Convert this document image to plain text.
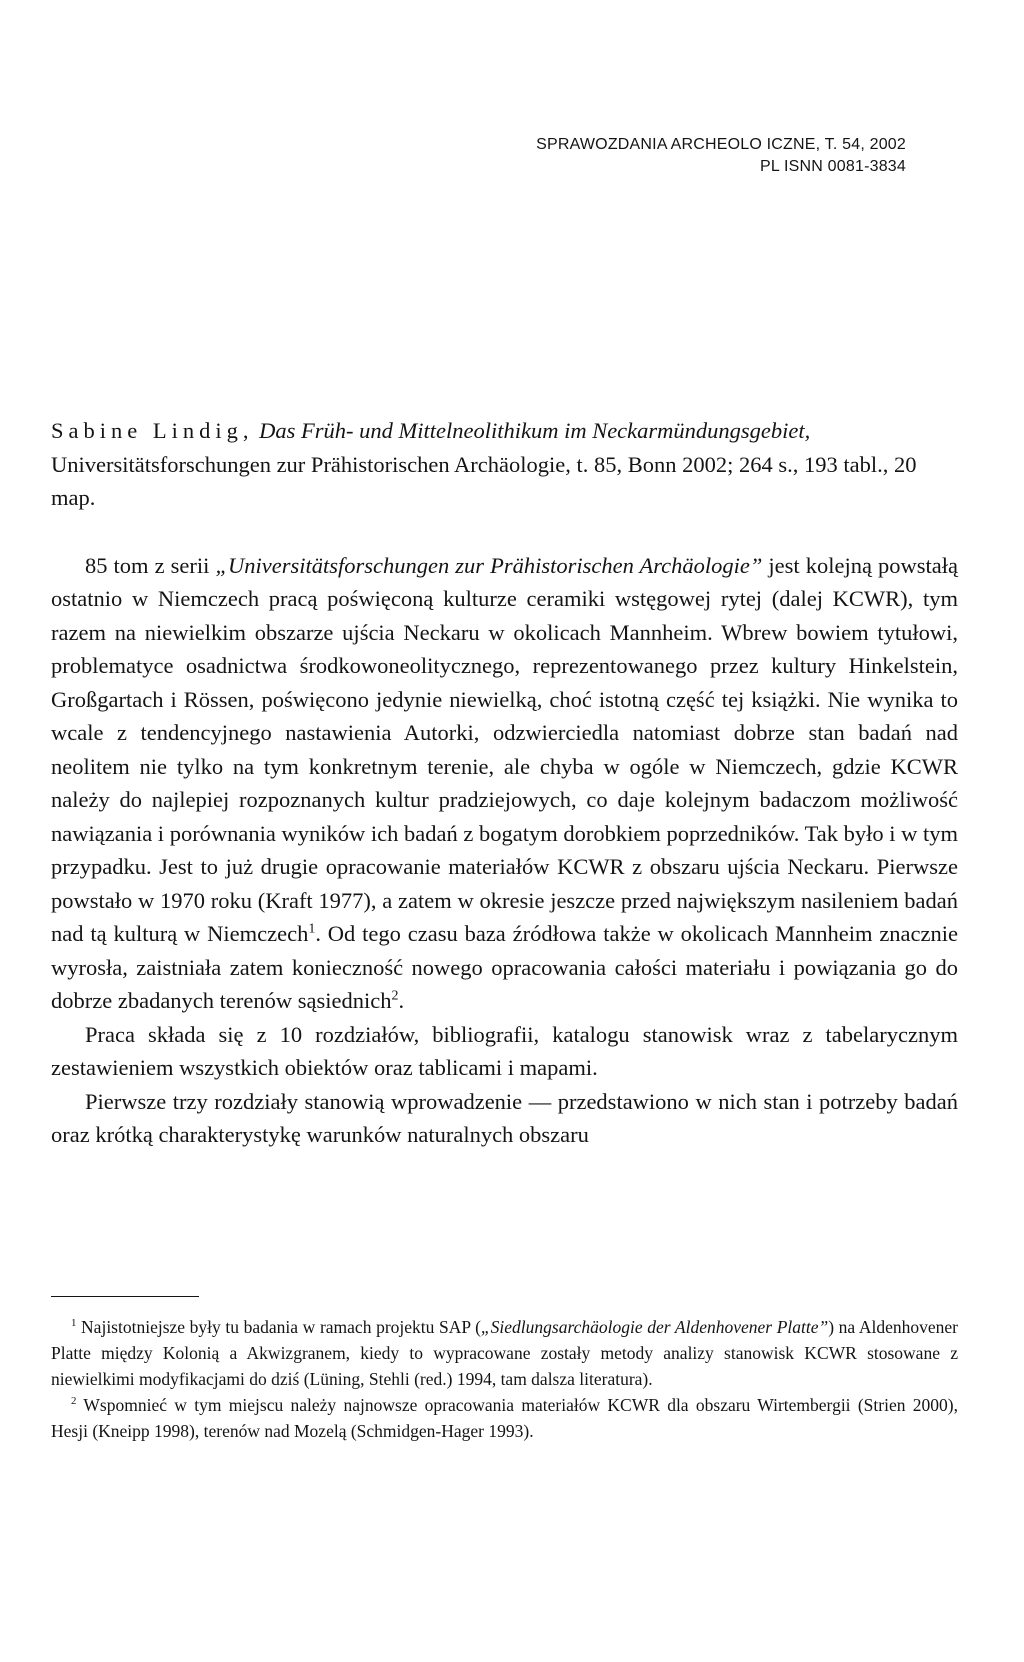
SPRAWOZDANIA ARCHEOLO ICZNE, T. 54, 2002
PL ISNN 0081-3834

Sabine Lindig, Das Früh- und Mittelneolithikum im Neckarmündungsgebiet, Universitätsforschungen zur Prähistorischen Archäologie, t. 85, Bonn 2002; 264 s., 193 tabl., 20 map.

85 tom z serii „Universitätsforschungen zur Prähistorischen Archäologie” jest kolejną powstałą ostatnio w Niemczech pracą poświęconą kulturze ceramiki wstęgowej rytej (dalej KCWR), tym razem na niewielkim obszarze ujścia Neckaru w okolicach Mannheim. Wbrew bowiem tytułowi, problematyce osadnictwa środkowoneolitycznego, reprezentowanego przez kultury Hinkelstein, Großgartach i Rössen, poświęcono jedynie niewielką, choć istotną część tej książki. Nie wynika to wcale z tendencyjnego nastawienia Autorki, odzwierciedla natomiast dobrze stan badań nad neolitem nie tylko na tym konkretnym terenie, ale chyba w ogóle w Niemczech, gdzie KCWR należy do najlepiej rozpoznanych kultur pradziejowych, co daje kolejnym badaczom możliwość nawiązania i porównania wyników ich badań z bogatym dorobkiem poprzedników. Tak było i w tym przypadku. Jest to już drugie opracowanie materiałów KCWR z obszaru ujścia Neckaru. Pierwsze powstało w 1970 roku (Kraft 1977), a zatem w okresie jeszcze przed największym nasileniem badań nad tą kulturą w Niemczech$^1$. Od tego czasu baza źródłowa także w okolicach Mannheim znacznie wyrosła, zaistniała zatem konieczność nowego opracowania całości materiału i powiązania go do dobrze zbadanych terenów sąsiednich$^2$.

Praca składa się z 10 rozdziałów, bibliografii, katalogu stanowisk wraz z tabelarycznym zestawieniem wszystkich obiektów oraz tablicami i mapami.

Pierwsze trzy rozdziały stanowią wprowadzenie — przedstawiono w nich stan i potrzeby badań oraz krótką charakterystykę warunków naturalnych obszaru

$^1$ Najistotniejsze były tu badania w ramach projektu SAP („Siedlungsarchäologie der Aldenhovener Platte”) na Aldenhovener Platte między Kolonią a Akwizgranem, kiedy to wypracowane zostały metody analizy stanowisk KCWR stosowane z niewielkimi modyfikacjami do dziś (Lüning, Stehli (red.) 1994, tam dalsza literatura).

$^2$ Wspomnieć w tym miejscu należy najnowsze opracowania materiałów KCWR dla obszaru Wirtembergii (Strien 2000), Hesji (Kneipp 1998), terenów nad Mozelą (Schmidgen-Hager 1993).
